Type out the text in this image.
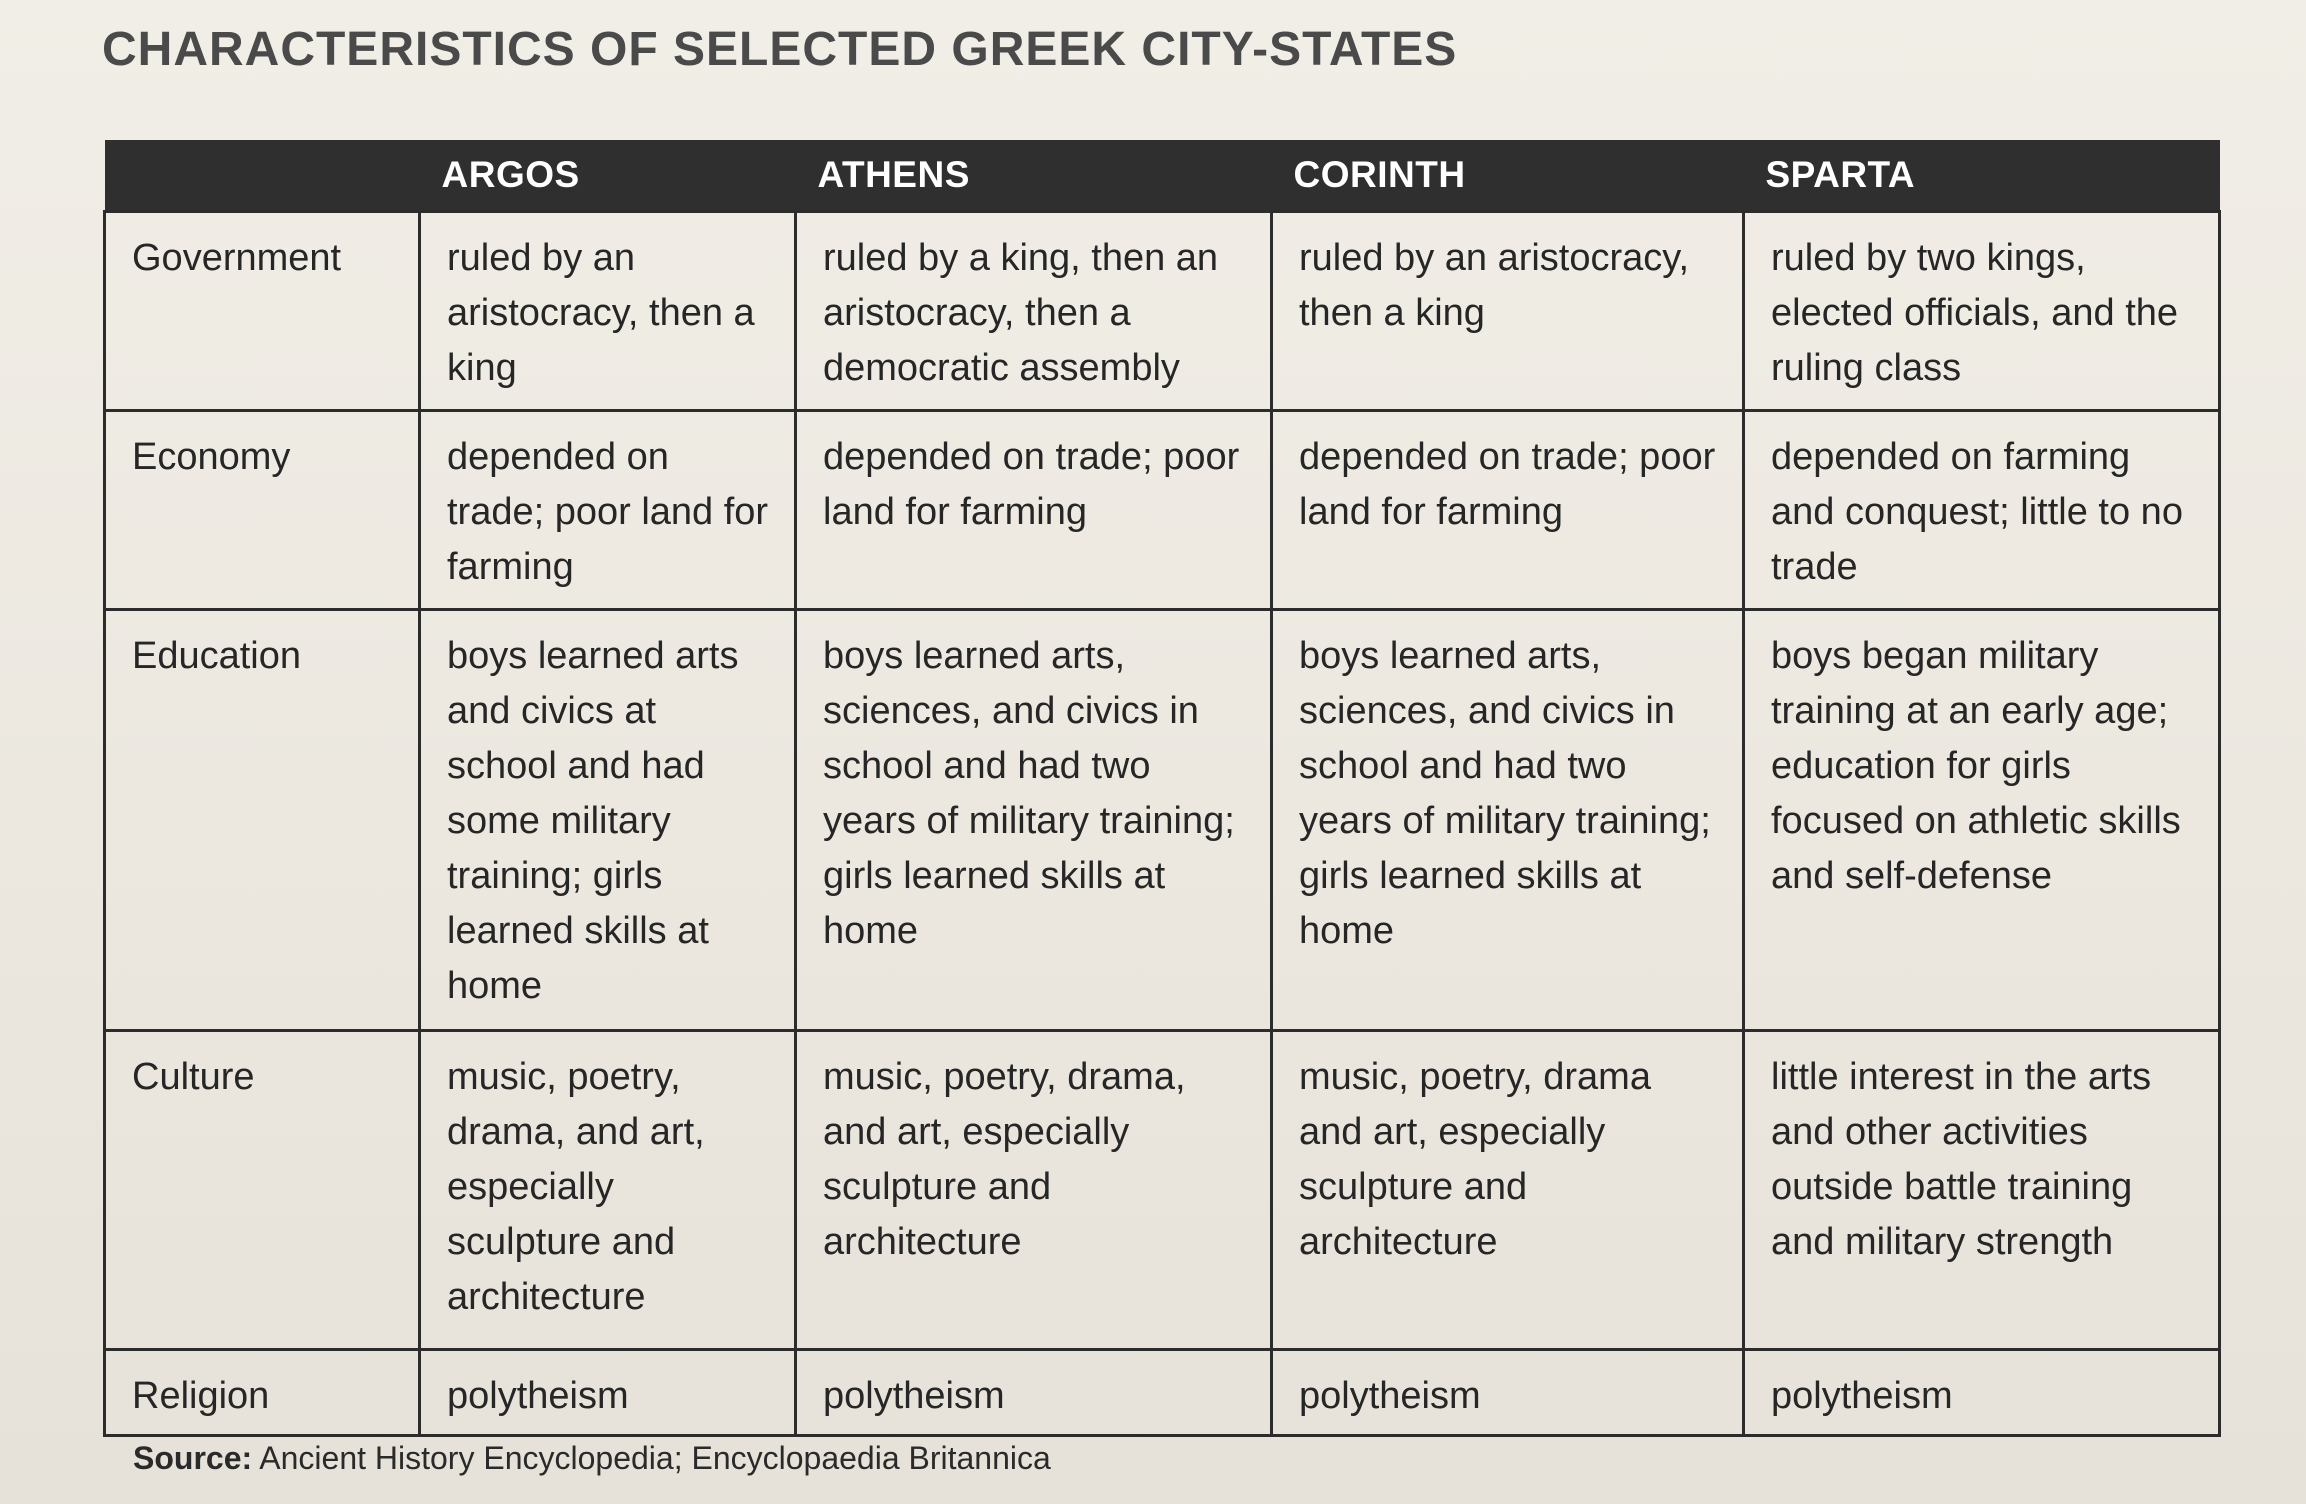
CHARACTERISTICS OF SELECTED GREEK CITY-STATES
	ARGOS	ATHENS	CORINTH	SPARTA
Government	ruled by an aristocracy, then a king	ruled by a king, then an aristocracy, then a democratic assembly	ruled by an aristocracy, then a king	ruled by two kings, elected officials, and the ruling class
Economy	depended on trade; poor land for farming	depended on trade; poor land for farming	depended on trade; poor land for farming	depended on farming and conquest; little to no trade
Education	boys learned arts and civics at school and had some military training; girls learned skills at home	boys learned arts, sciences, and civics in school and had two years of military training; girls learned skills at home	boys learned arts, sciences, and civics in school and had two years of military training; girls learned skills at home	boys began military training at an early age; education for girls focused on athletic skills and self-defense
Culture	music, poetry, drama, and art, especially sculpture and architecture	music, poetry, drama, and art, especially sculpture and architecture	music, poetry, drama and art, especially sculpture and architecture	little interest in the arts and other activities outside battle training and military strength
Religion	polytheism	polytheism	polytheism	polytheism
Source: Ancient History Encyclopedia; Encyclopaedia Britannica
